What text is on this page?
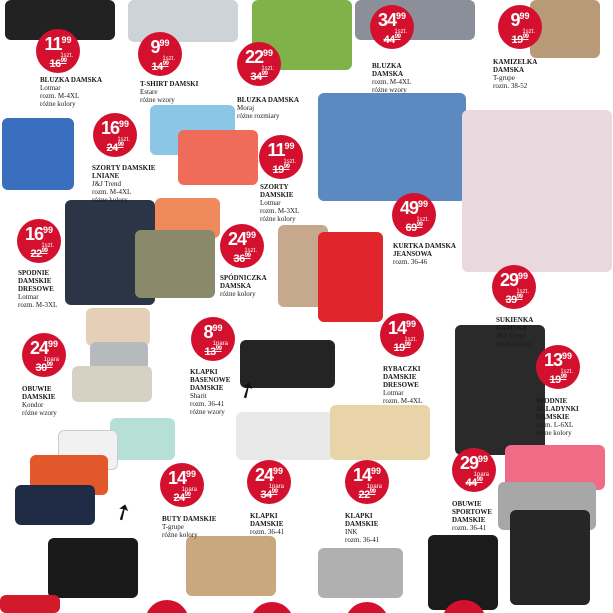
➚
➚
$11^{99}$
1szt.
$16^{99}$
$9^{99}$
1szt.
$14^{99}$	$22^{99}$
1szt.
$34^{99}$
$34^{99}$
1szt.
$44^{99}$
$9^{99}$
1szt.
$19^{99}$
$16^{99}$
1szt.
$24^{99}$	$11^{99}$
1szt.
$19^{99}$
$16^{99}$
1szt.
$22^{99}$
$24^{99}$
1szt.
$36^{99}$
$49^{99}$
1szt.
$69^{99}$
$29^{99}$
1szt.
$39^{99}$
$24^{99}$
1para
$30^{99}$
$8^{99}$
1para
$13^{99}$
$14^{99}$
1szt.
$19^{99}$
$13^{99}$
1szt.
$19^{99}$
$29^{99}$
1para
$44^{99}$
$14^{99}$
1para
$24^{99}$
$24^{99}$
1para
$34^{99}$
$14^{99}$
1para
$22^{99}$
BLUZKA DAMSKA
Lotmar
rozm. M-4XL
różne kolory
T-SHIRT DAMSKI
Estare
różne wzory	BLUZKA DAMSKA
Moraj
różne rozmiary
BLUZKA DAMSKA
rozm. M-4XL
różne wzory
KAMIZELKA DAMSKA
T-grupe
rozm. 38-52
SZORTY DAMSKIE LNIANE
J&J Trend
rozm. M-4XL
różne kolory
SZORTY DAMSKIE
Lotmar
rozm. M-3XL
różne kolory
SPODNIE DAMSKIE DRESOWE
Lotmar
rozm. M-3XL
SPÓDNICZKA DAMSKA
różne kolory
KURTKA DAMSKA JEANSOWA
rozm. 36-46
SUKIENKA DAMSKA
J&J Trend
różne kolory
OBUWIE DAMSKIE
Kondor
różne wzory
KLAPKI BASENOWE DAMSKIE
Sharit
rozm. 36-41
różne wzory
RYBACZKI DAMSKIE DRESOWE
Lotmar
rozm. M-4XL	SPODNIE ALLADYNKI DAMSKIE
rozm. L-6XL
różne kolory
OBUWIE SPORTOWE DAMSKIE
rozm. 36-41
BUTY DAMSKIE
T-grupe
różne kolory
KLAPKI DAMSKIE
rozm. 36-41
KLAPKI DAMSKIE
INK
rozm. 36-41
